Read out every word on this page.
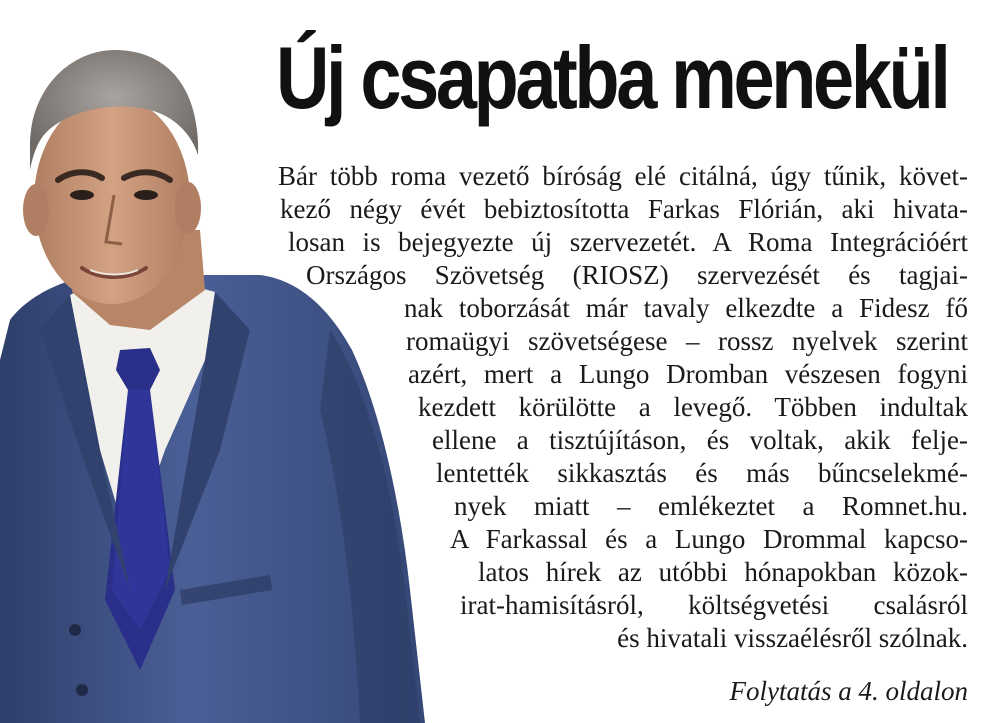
Új csapatba menekül
Bár több roma vezető bíróság elé citálná, úgy tűnik, követ-
kező négy évét bebiztosította Farkas Flórián, aki hivata-
losan is bejegyezte új szervezetét. A Roma Integrációért
Országos Szövetség (RIOSZ) szervezését és tagjai-
nak toborzását már tavaly elkezdte a Fidesz fő
romaügyi szövetségese – rossz nyelvek szerint
azért, mert a Lungo Dromban vészesen fogyni
kezdett körülötte a levegő. Többen indultak
ellene a tisztújításon, és voltak, akik felje-
lentették sikkasztás és más bűncselekmé-
nyek miatt – emlékeztet a Romnet.hu.
A Farkassal és a Lungo Drommal kapcso-
latos hírek az utóbbi hónapokban közok-
irat-hamisításról, költségvetési csalásról
és hivatali visszaélésről szólnak.
Folytatás a 4. oldalon
